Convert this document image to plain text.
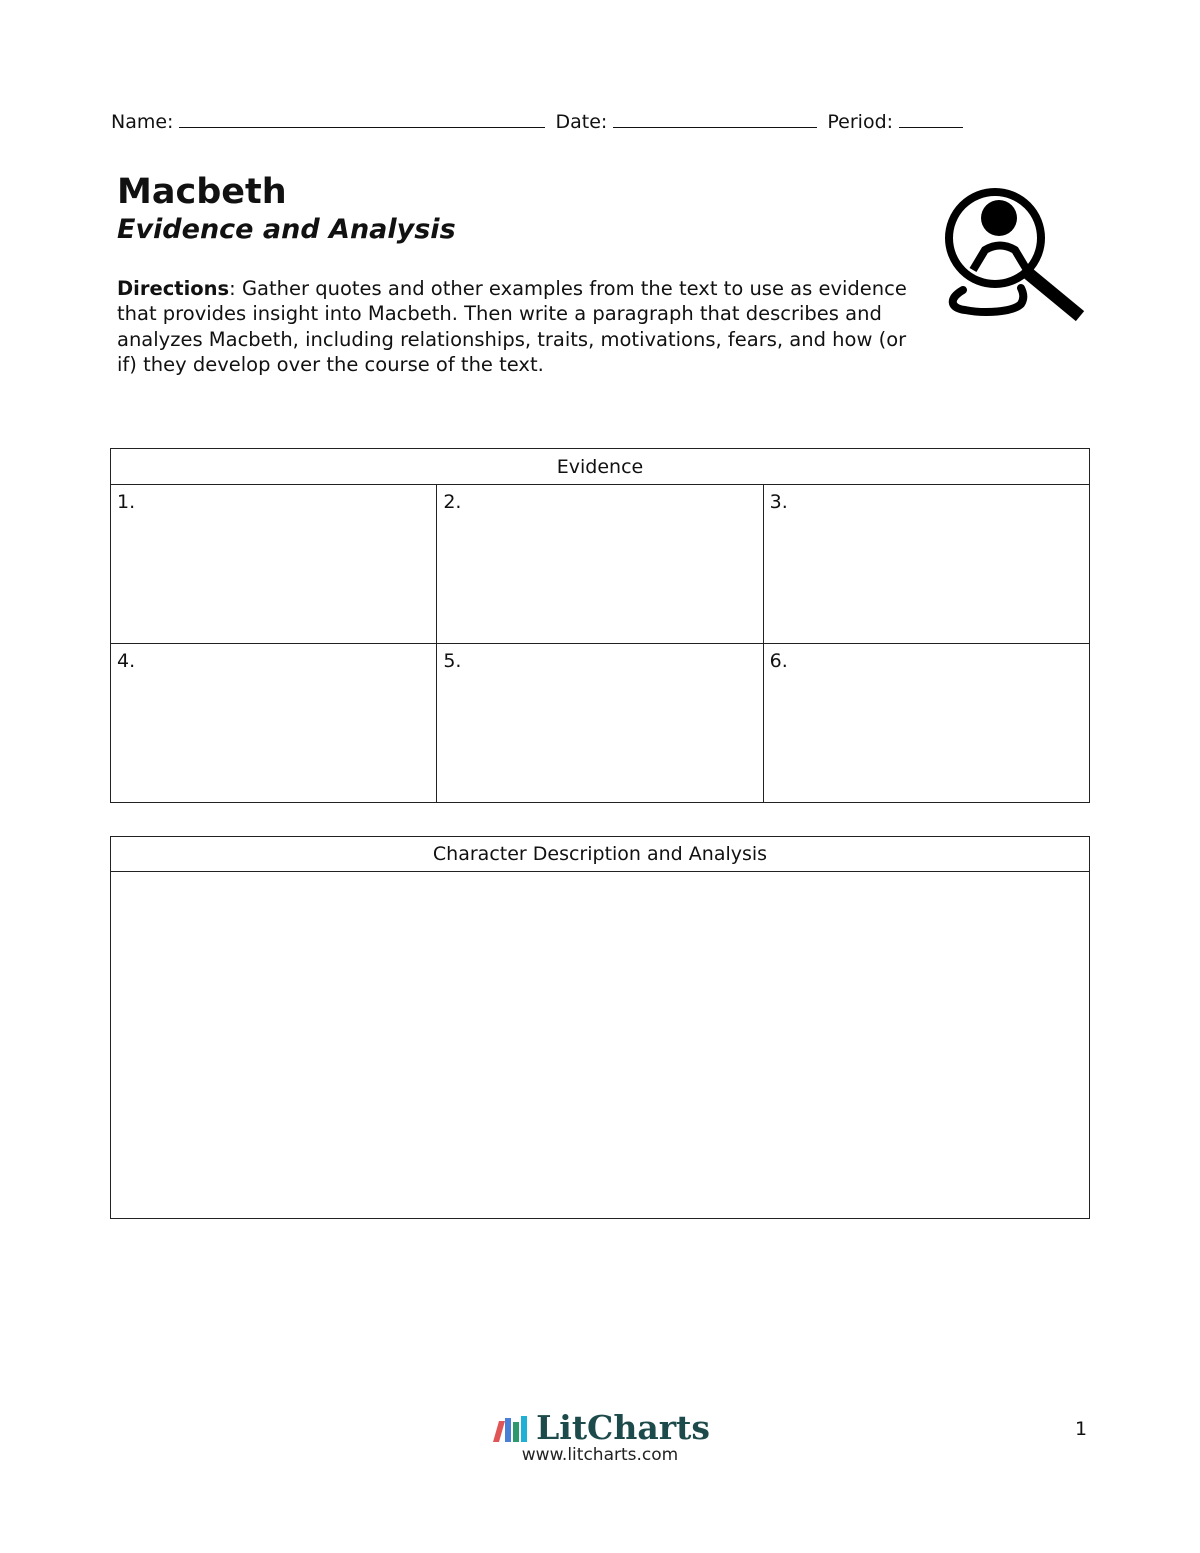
Name:	Date:	Period:
Macbeth
Evidence and Analysis
Directions: Gather quotes and other examples from the text to use as evidence that provides insight into Macbeth. Then write a paragraph that describes and analyzes Macbeth, including relationships, traits, motivations, fears, and how (or if) they develop over the course of the text.
Evidence		
1.	2.	3.
4.	5.	6.
Character Description and Analysis

LitCharts
www.litcharts.com
1
